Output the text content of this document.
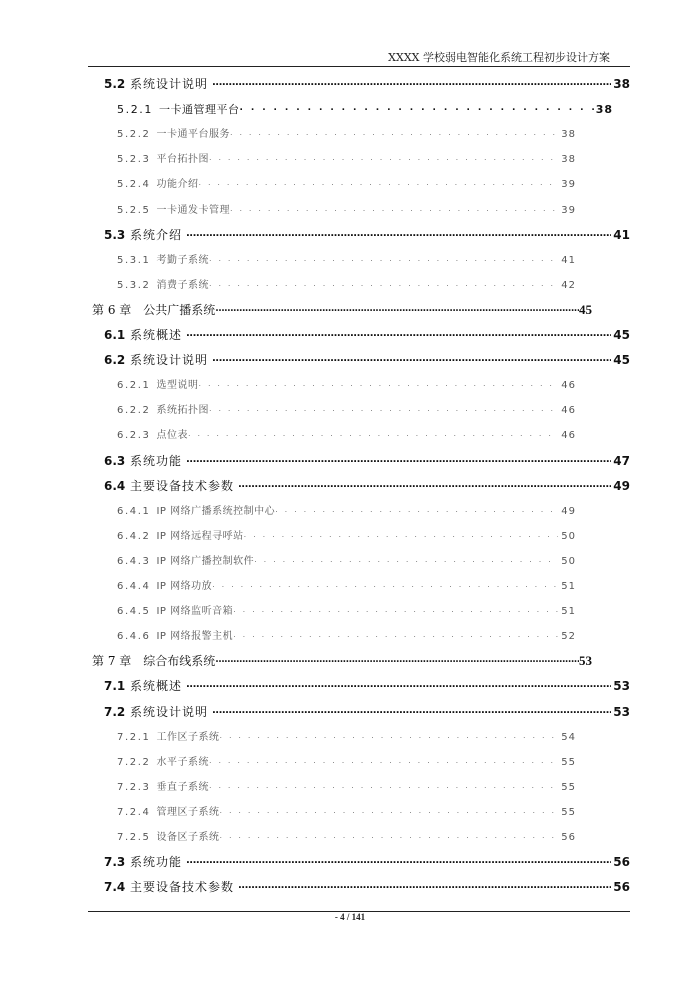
XXXX 学校弱电智能化系统工程初步设计方案
5.2 系统设计说明 . . .	38
5.2.1 一卡通管理平台 . . .	38
5.2.2 一卡通平台服务 . . .	38
5.2.3 平台拓扑图 . . .	38
5.2.4 功能介绍 . . .	39
5.2.5 一卡通发卡管理 . . .	39
5.3 系统介绍 . . .	41
5.3.1 考勤子系统 . . .	41
5.3.2 消费子系统 . . .	42
第 6 章 公共广播系统 . . .	45
6.1 系统概述 . . .	45
6.2 系统设计说明 . . .	45
6.2.1 选型说明 . . .	46
6.2.2 系统拓扑图 . . .	46
6.2.3 点位表 . . .	46
6.3 系统功能 . . .	47
6.4 主要设备技术参数 . . .	49
6.4.1 IP 网络广播系统控制中心 . . .	49
6.4.2 IP 网络远程寻呼站 . . .	50
6.4.3 IP 网络广播控制软件 . . .	50
6.4.4 IP 网络功放 . . .	51
6.4.5 IP 网络监听音箱 . . .	51
6.4.6 IP 网络报警主机 . . .	52
第 7 章 综合布线系统 . . .	53
7.1 系统概述 . . .	53
7.2 系统设计说明 . . .	53
7.2.1 工作区子系统 . . .	54
7.2.2 水平子系统 . . .	55
7.2.3 垂直子系统 . . .	55
7.2.4 管理区子系统 . . .	55
7.2.5 设备区子系统 . . .	56
7.3 系统功能 . . .	56
7.4 主要设备技术参数 . . .	56
- 4 / 141
